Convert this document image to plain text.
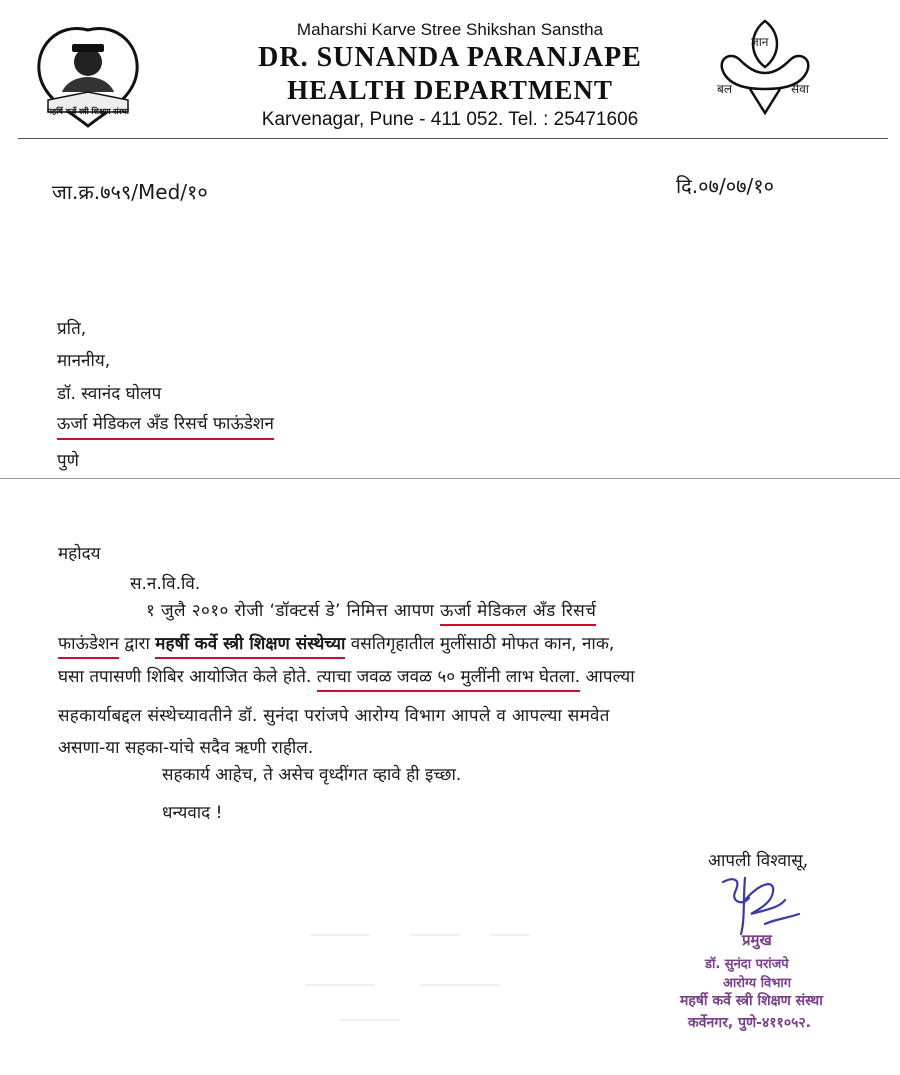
महर्षि कर्वे स्त्री शिक्षण संस्था
Maharshi Karve Stree Shikshan Sanstha
DR. SUNANDA PARANJAPE
HEALTH DEPARTMENT
Karvenagar, Pune - 411 052. Tel. : 25471606
ज्ञान
बल	सेवा
जा.क्र.७५९/Med/१०	दि.०७/०७/१०
प्रति,
माननीय,
डॉ. स्वानंद घोलप
ऊर्जा मेडिकल अँड रिसर्च फाऊंडेशन
पुणे
महोदय
स.न.वि.वि.
१ जुलै २०१० रोजी ‘डॉक्टर्स डे’ निमित्त आपण ऊर्जा मेडिकल अँड रिसर्च
फाऊंडेशन द्वारा महर्षी कर्वे स्त्री शिक्षण संस्थेच्या वसतिगृहातील मुलींसाठी मोफत कान, नाक,
घसा तपासणी शिबिर आयोजित केले होते. त्याचा जवळ जवळ ५० मुलींनी लाभ घेतला. आपल्या
सहकार्याबद्दल संस्थेच्यावतीने डॉ. सुनंदा परांजपे आरोग्य विभाग आपले व आपल्या समवेत
असणा-या सहका-यांचे सदैव ऋणी राहील.
सहकार्य आहेच, ते असेच वृध्दींगत व्हावे ही इच्छा.
धन्यवाद !
आपली विश्वासू,
प्रमुख
डॉ. सुनंदा परांजपे
आरोग्य विभाग
महर्षी कर्वे स्त्री शिक्षण संस्था
कर्वेनगर, पुणे-४११०५२.
